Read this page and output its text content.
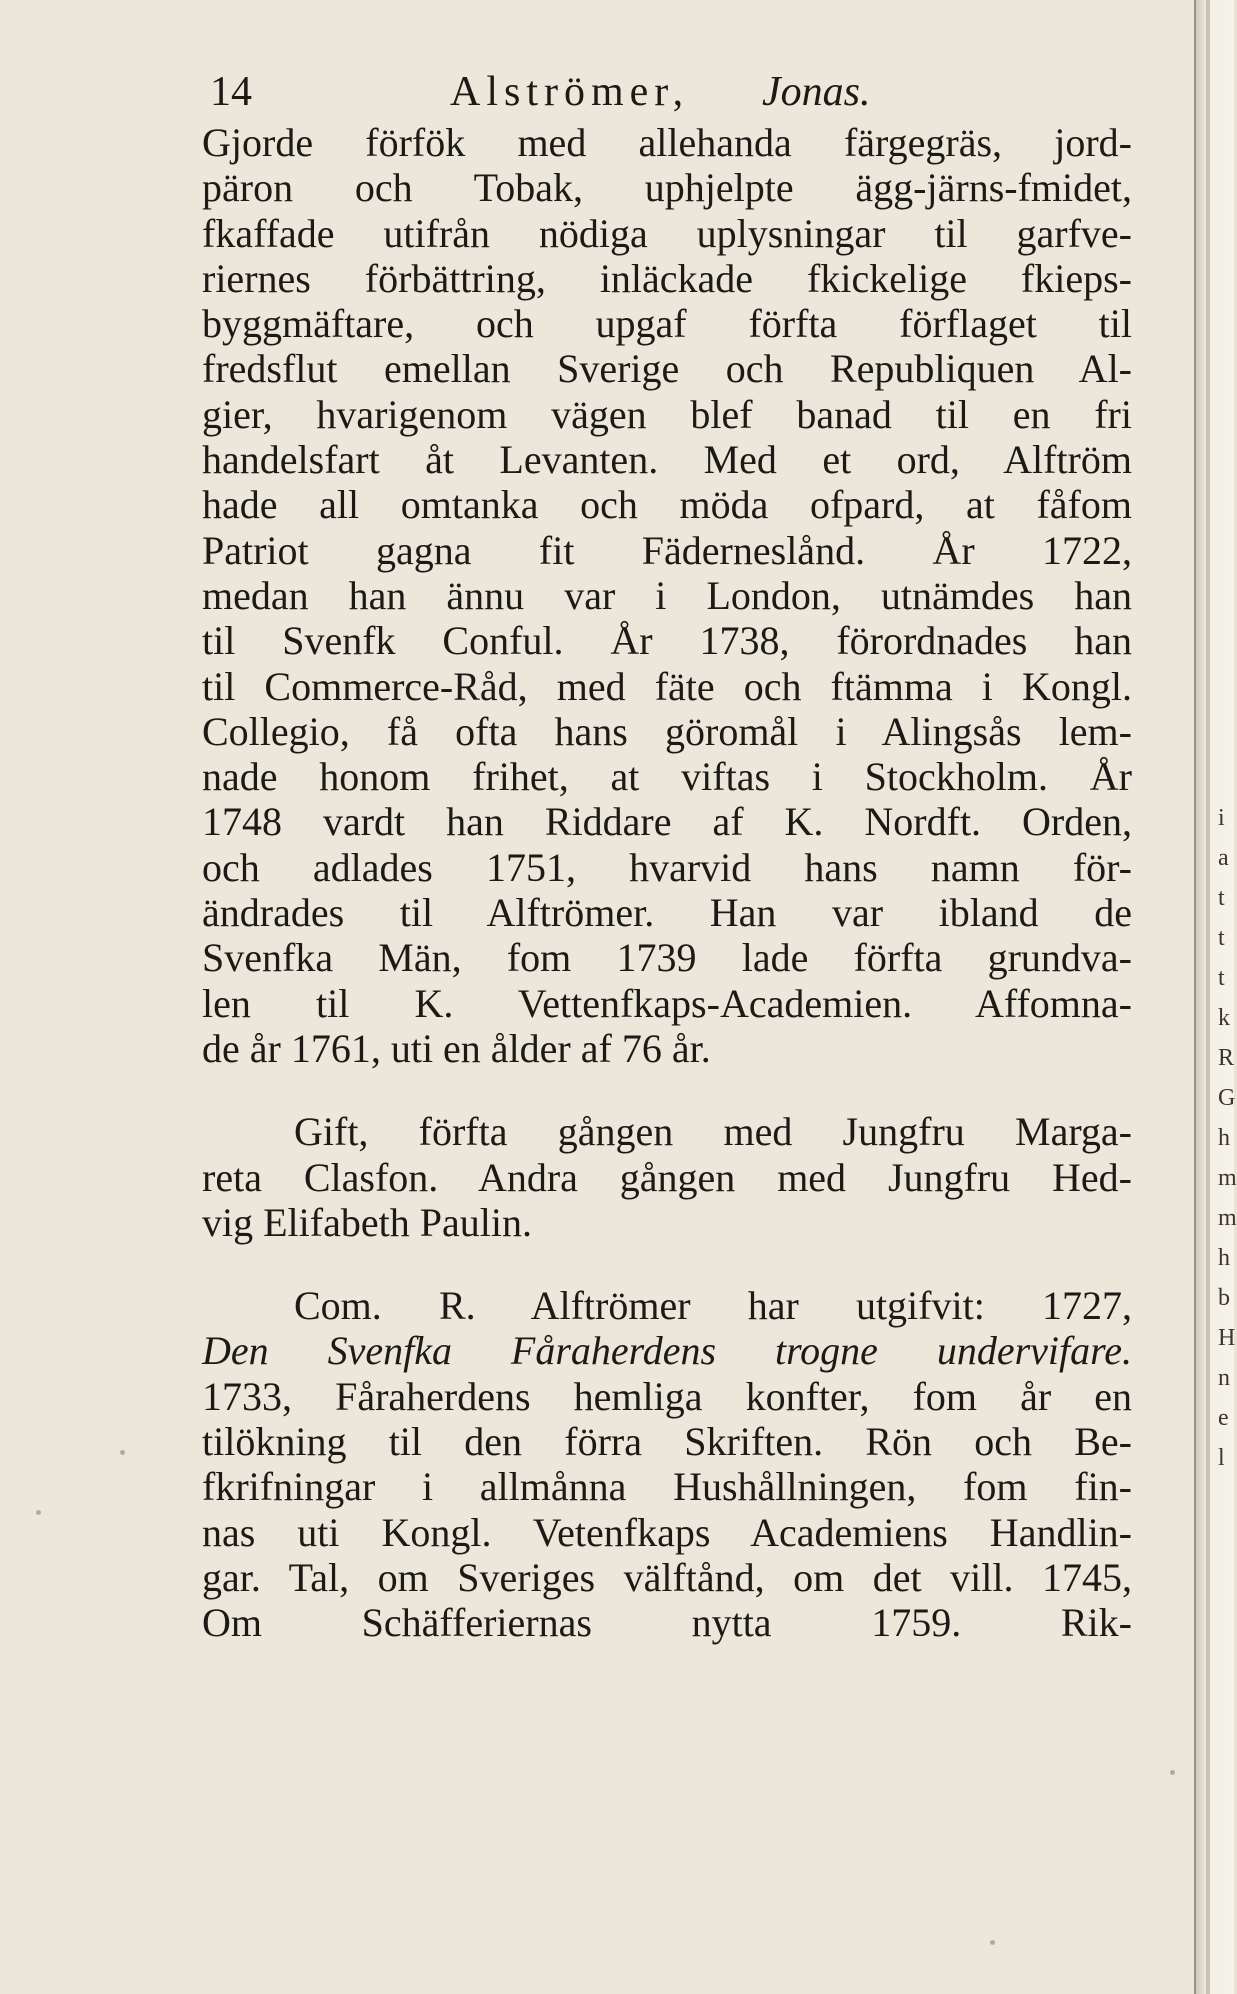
14	Alströmer, Jonas.

Gjorde förfök med allehanda färgegräs, jord-
päron och Tobak, uphjelpte ägg-järns-fmidet,
fkaffade utifrån nödiga uplysningar til garfve-
riernes förbättring, inläckade fkickelige fkieps-
byggmäftare, och upgaf förfta förflaget til
fredsflut emellan Sverige och Republiquen Al-
gier, hvarigenom vägen blef banad til en fri
handelsfart åt Levanten. Med et ord, Alftröm
hade all omtanka och möda ofpard, at fåfom
Patriot gagna fit Fäderneslånd. År 1722,
medan han ännu var i London, utnämdes han
til Svenfk Conful. År 1738, förordnades han
til Commerce-Råd, med fäte och ftämma i Kongl.
Collegio, få ofta hans göromål i Alingsås lem-
nade honom frihet, at viftas i Stockholm. År
1748 vardt han Riddare af K. Nordft. Orden,
och adlades 1751, hvarvid hans namn för-
ändrades til Alftrömer. Han var ibland de
Svenfka Män, fom 1739 lade förfta grundva-
len til K. Vettenfkaps-Academien. Affomna-
de år 1761, uti en ålder af 76 år.

Gift, förfta gången med Jungfru Marga-
reta Clasfon. Andra gången med Jungfru Hed-
vig Elifabeth Paulin.

Com. R. Alftrömer har utgifvit: 1727,
Den Svenfka Fåraherdens trogne undervifare.
1733, Fåraherdens hemliga konfter, fom år en
tilökning til den förra Skriften. Rön och Be-
fkrifningar i allmånna Hushållningen, fom fin-
nas uti Kongl. Vetenfkaps Academiens Handlin-
gar. Tal, om Sveriges välftånd, om det vill. 1745,
Om Schäfferiernas nytta 1759. Rik-

i
a
t
t
t
k
R
G
h
m
m
h
b
H
n
e
l
